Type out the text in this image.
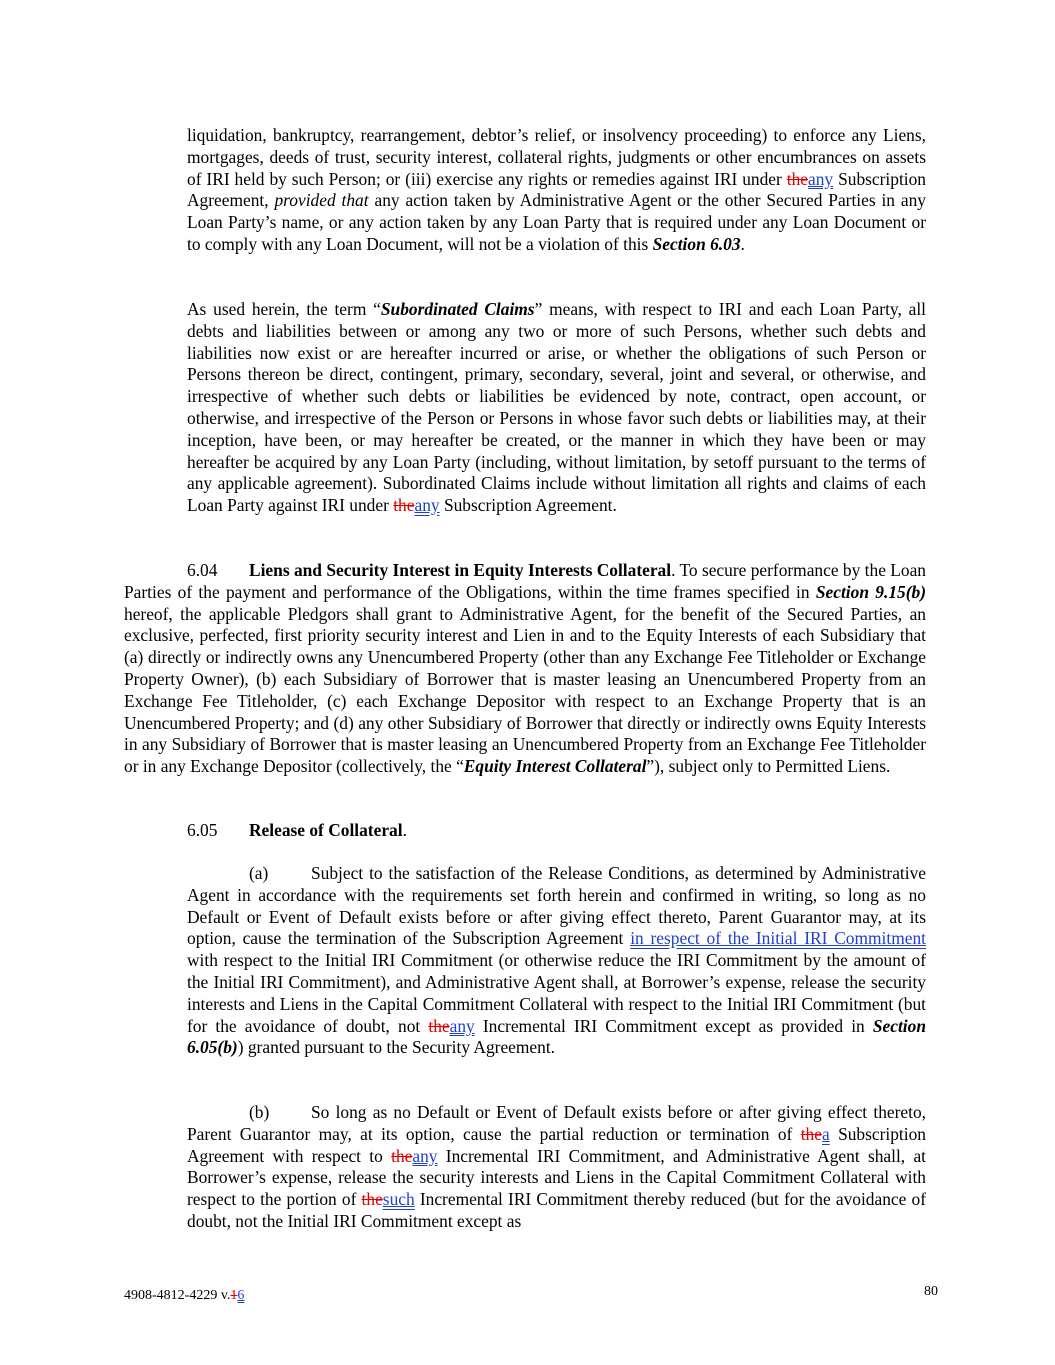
liquidation, bankruptcy, rearrangement, debtor’s relief, or insolvency proceeding) to enforce any Liens, mortgages, deeds of trust, security interest, collateral rights, judgments or other encumbrances on assets of IRI held by such Person; or (iii) exercise any rights or remedies against IRI under theany Subscription Agreement, provided that any action taken by Administrative Agent or the other Secured Parties in any Loan Party’s name, or any action taken by any Loan Party that is required under any Loan Document or to comply with any Loan Document, will not be a violation of this Section 6.03.
As used herein, the term “Subordinated Claims” means, with respect to IRI and each Loan Party, all debts and liabilities between or among any two or more of such Persons, whether such debts and liabilities now exist or are hereafter incurred or arise, or whether the obligations of such Person or Persons thereon be direct, contingent, primary, secondary, several, joint and several, or otherwise, and irrespective of whether such debts or liabilities be evidenced by note, contract, open account, or otherwise, and irrespective of the Person or Persons in whose favor such debts or liabilities may, at their inception, have been, or may hereafter be created, or the manner in which they have been or may hereafter be acquired by any Loan Party (including, without limitation, by setoff pursuant to the terms of any applicable agreement). Subordinated Claims include without limitation all rights and claims of each Loan Party against IRI under theany Subscription Agreement.
6.04 Liens and Security Interest in Equity Interests Collateral. To secure performance by the Loan Parties of the payment and performance of the Obligations, within the time frames specified in Section 9.15(b) hereof, the applicable Pledgors shall grant to Administrative Agent, for the benefit of the Secured Parties, an exclusive, perfected, first priority security interest and Lien in and to the Equity Interests of each Subsidiary that (a) directly or indirectly owns any Unencumbered Property (other than any Exchange Fee Titleholder or Exchange Property Owner), (b) each Subsidiary of Borrower that is master leasing an Unencumbered Property from an Exchange Fee Titleholder, (c) each Exchange Depositor with respect to an Exchange Property that is an Unencumbered Property; and (d) any other Subsidiary of Borrower that directly or indirectly owns Equity Interests in any Subsidiary of Borrower that is master leasing an Unencumbered Property from an Exchange Fee Titleholder or in any Exchange Depositor (collectively, the “Equity Interest Collateral”), subject only to Permitted Liens.
6.05 Release of Collateral.
(a) Subject to the satisfaction of the Release Conditions, as determined by Administrative Agent in accordance with the requirements set forth herein and confirmed in writing, so long as no Default or Event of Default exists before or after giving effect thereto, Parent Guarantor may, at its option, cause the termination of the Subscription Agreement in respect of the Initial IRI Commitment with respect to the Initial IRI Commitment (or otherwise reduce the IRI Commitment by the amount of the Initial IRI Commitment), and Administrative Agent shall, at Borrower’s expense, release the security interests and Liens in the Capital Commitment Collateral with respect to the Initial IRI Commitment (but for the avoidance of doubt, not theany Incremental IRI Commitment except as provided in Section 6.05(b)) granted pursuant to the Security Agreement.
(b) So long as no Default or Event of Default exists before or after giving effect thereto, Parent Guarantor may, at its option, cause the partial reduction or termination of thea Subscription Agreement with respect to theany Incremental IRI Commitment, and Administrative Agent shall, at Borrower’s expense, release the security interests and Liens in the Capital Commitment Collateral with respect to the portion of thesuch Incremental IRI Commitment thereby reduced (but for the avoidance of doubt, not the Initial IRI Commitment except as
4908-4812-4229 v.16	80
